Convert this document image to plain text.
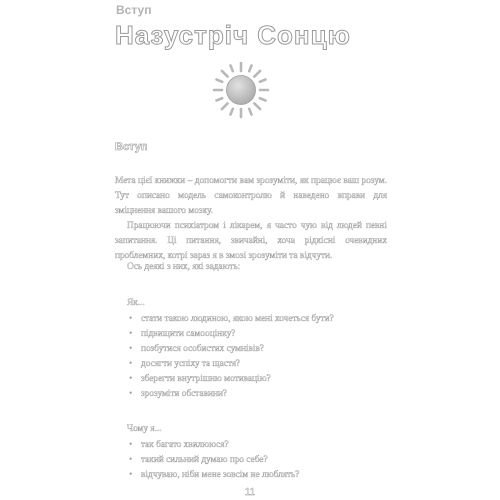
Вступ
Назустріч Сонцю
Вступ

Мета цієї книжки – допомогти вам зрозуміти, як працює ваш розум. Тут описано модель самоконтролю й наведено вправи для зміцнення вашого мозку.

Працюючи психіатром і лікарем, я часто чую від людей певні запитання. Ці питання, звичайні, хоча рідкісні очевидних проблемних, котрі зараз я в змозі зрозуміти та відчути.

Ось деякі з них, які задають:
Як...
• стати такою людиною, якою мені хочеться бути?
• підвищити самооцінку?
• позбутися особистих сумнівів?
• досягти успіху та щастя?
• зберегти внутрішню мотивацію?
• зрозуміти обставини?
Чому я...
• так багато хвилююся?
• такий сильний думаю про себе?
• відчуваю, ніби мене зовсім не люблять?
11
